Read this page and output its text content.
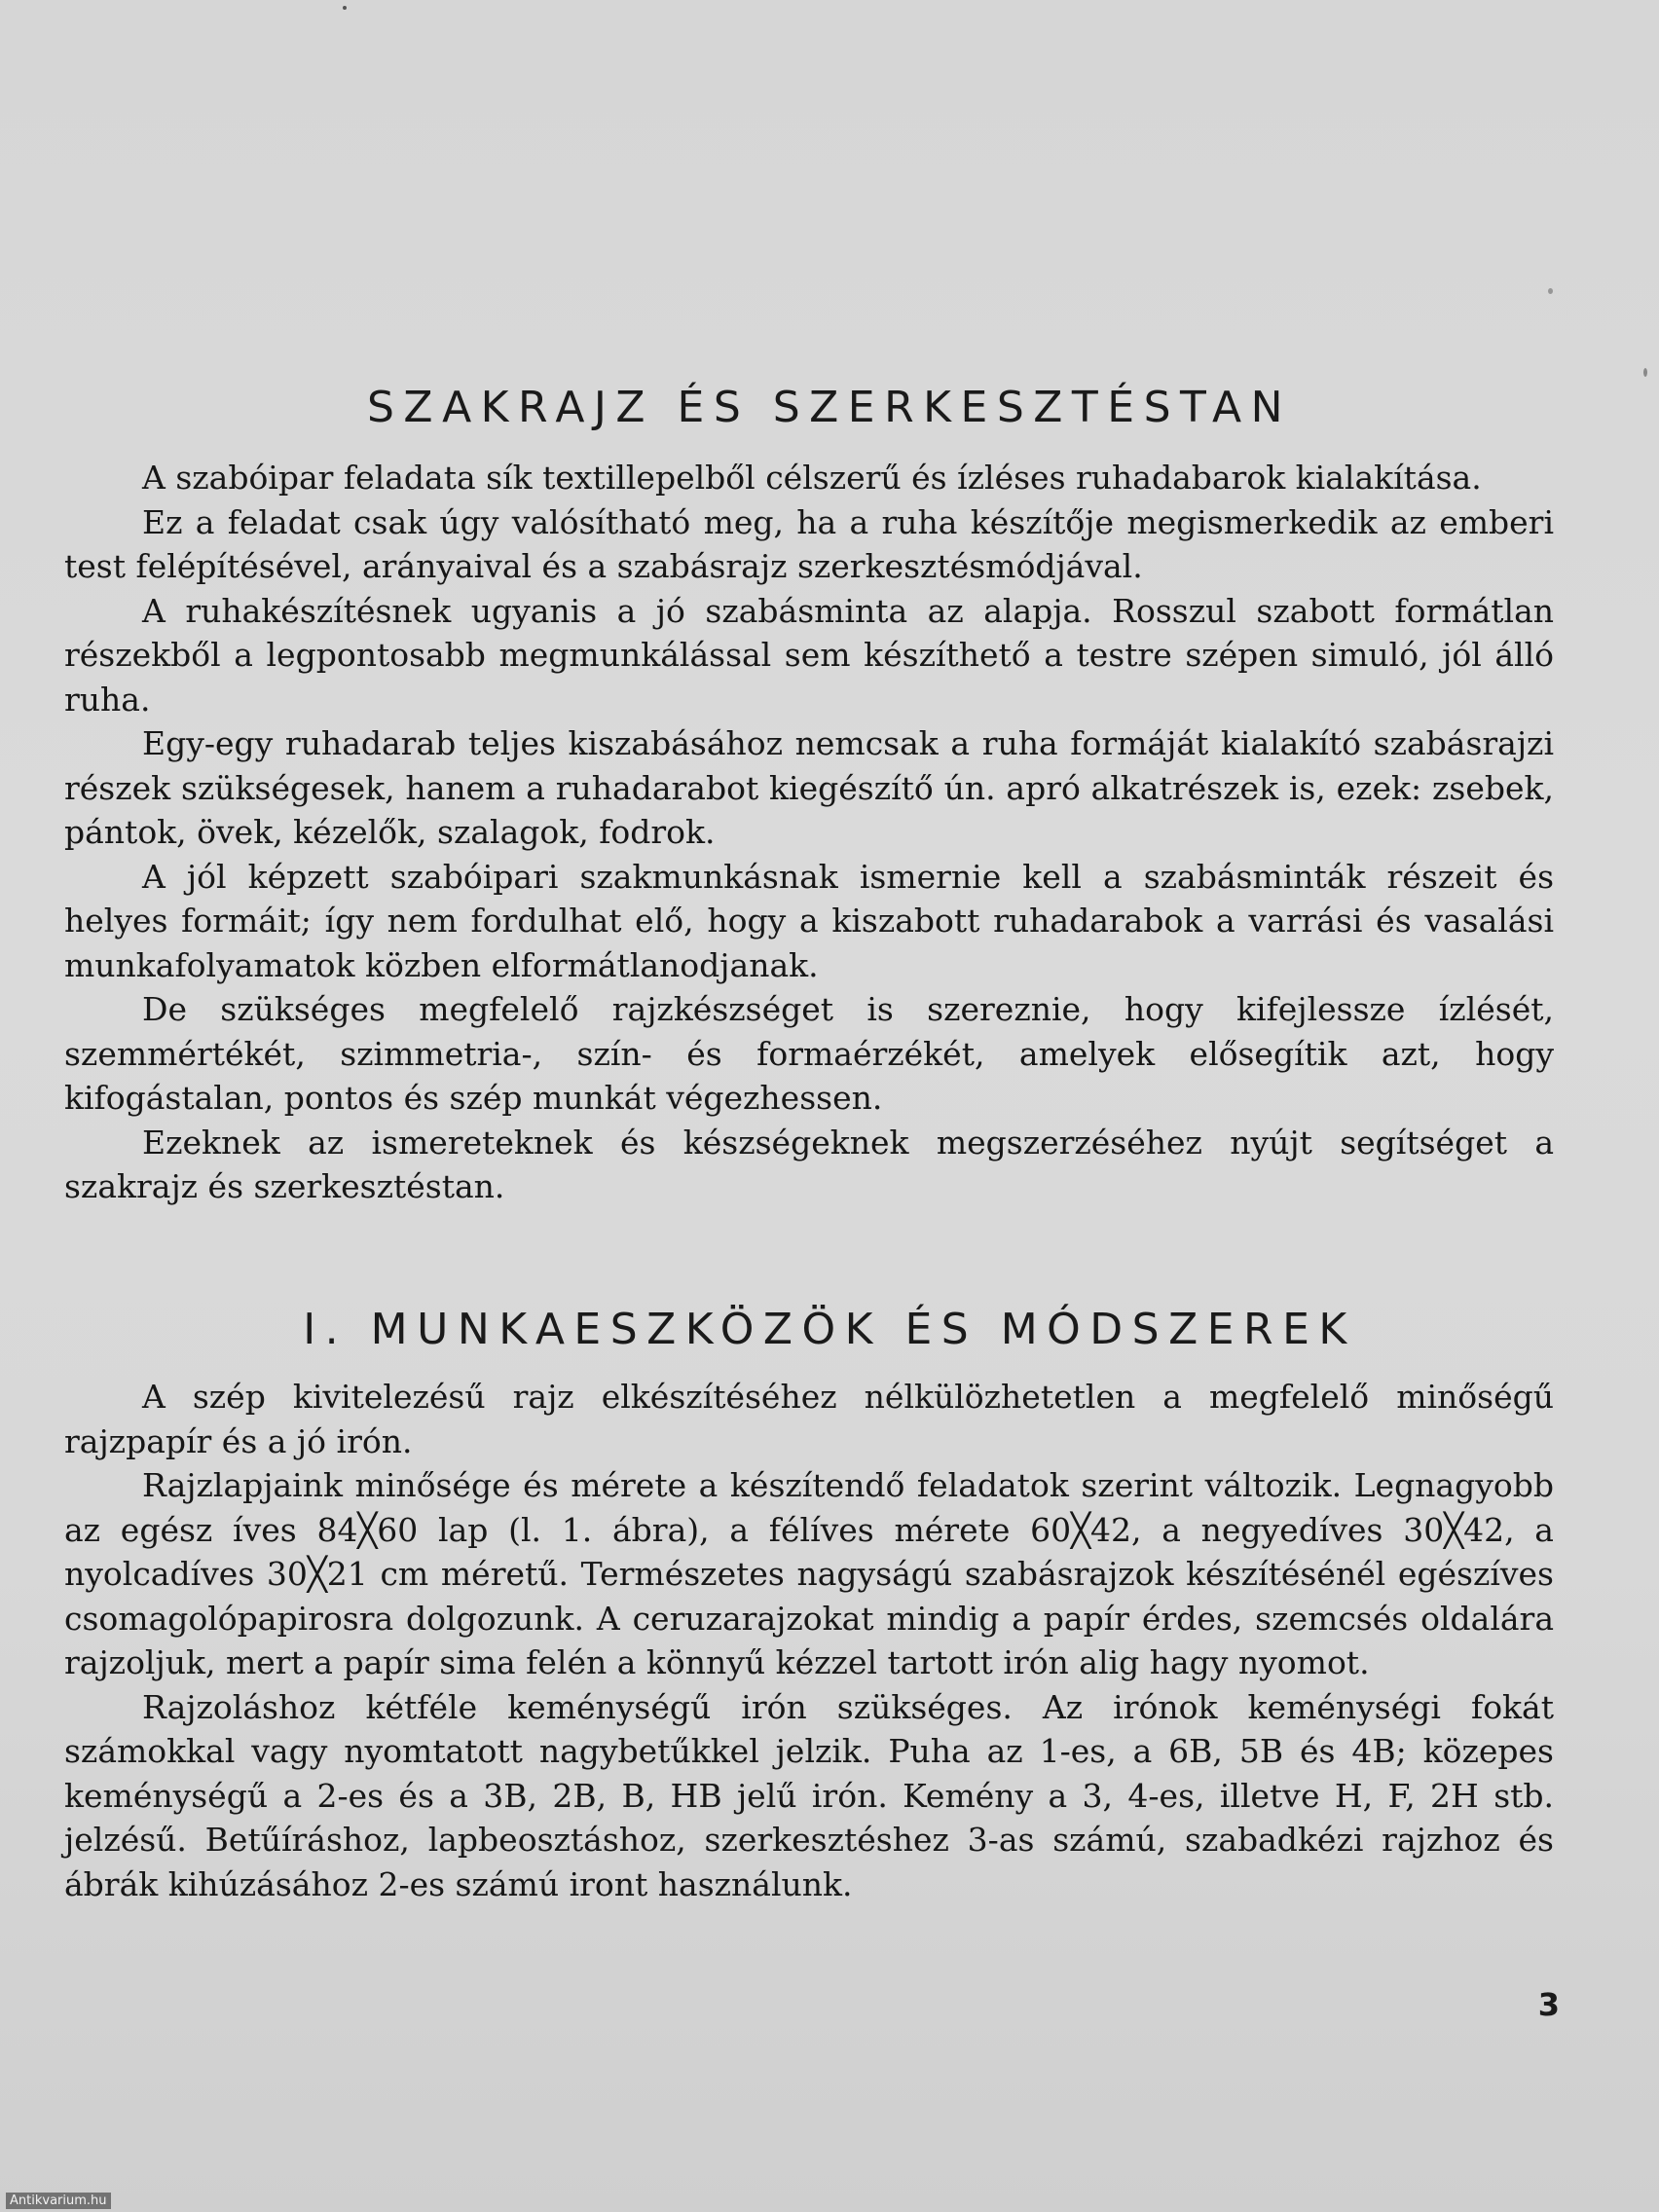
SZAKRAJZ ÉS SZERKESZTÉSTAN

A szabóipar feladata sík textillepelből célszerű és ízléses ruhadabarok kialakítása.

Ez a feladat csak úgy valósítható meg, ha a ruha készítője megismerkedik az emberi test felépítésével, arányaival és a szabásrajz szerkesztésmódjával.

A ruhakészítésnek ugyanis a jó szabásminta az alapja. Rosszul szabott formátlan részekből a legpontosabb megmunkálással sem készíthető a testre szépen simuló, jól álló ruha.

Egy-egy ruhadarab teljes kiszabásához nemcsak a ruha formáját kialakító szabásrajzi részek szükségesek, hanem a ruhadarabot kiegészítő ún. apró alkatrészek is, ezek: zsebek, pántok, övek, kézelők, szalagok, fodrok.

A jól képzett szabóipari szakmunkásnak ismernie kell a szabásminták részeit és helyes formáit; így nem fordulhat elő, hogy a kiszabott ruhadarabok a varrási és vasalási munkafolyamatok közben elformátlanodjanak.

De szükséges megfelelő rajzkészséget is szereznie, hogy kifejlessze ízlését, szemmértékét, szimmetria-, szín- és formaérzékét, amelyek elősegítik azt, hogy kifogástalan, pontos és szép munkát végezhessen.

Ezeknek az ismereteknek és készségeknek megszerzéséhez nyújt segítséget a szakrajz és szerkesztéstan.

I. MUNKAESZKÖZÖK ÉS MÓDSZEREK

A szép kivitelezésű rajz elkészítéséhez nélkülözhetetlen a megfelelő minőségű rajzpapír és a jó irón.

Rajzlapjaink minősége és mérete a készítendő feladatok szerint változik. Legnagyobb az egész íves 84╳60 lap (l. 1. ábra), a félíves mérete 60╳42, a negyedíves 30╳42, a nyolcadíves 30╳21 cm méretű. Természetes nagyságú szabásrajzok készítésénél egészíves csomagolópapirosra dolgozunk. A ceruzarajzokat mindig a papír érdes, szemcsés oldalára rajzoljuk, mert a papír sima felén a könnyű kézzel tartott irón alig hagy nyomot.

Rajzoláshoz kétféle keménységű irón szükséges. Az irónok keménységi fokát számokkal vagy nyomtatott nagybetűkkel jelzik. Puha az 1-es, a 6B, 5B és 4B; közepes keménységű a 2-es és a 3B, 2B, B, HB jelű irón. Kemény a 3, 4-es, illetve H, F, 2H stb. jelzésű. Betűíráshoz, lapbeosztáshoz, szerkesztéshez 3-as számú, szabadkézi rajzhoz és ábrák kihúzásához 2-es számú iront használunk.

3
Antikvarium.hu
